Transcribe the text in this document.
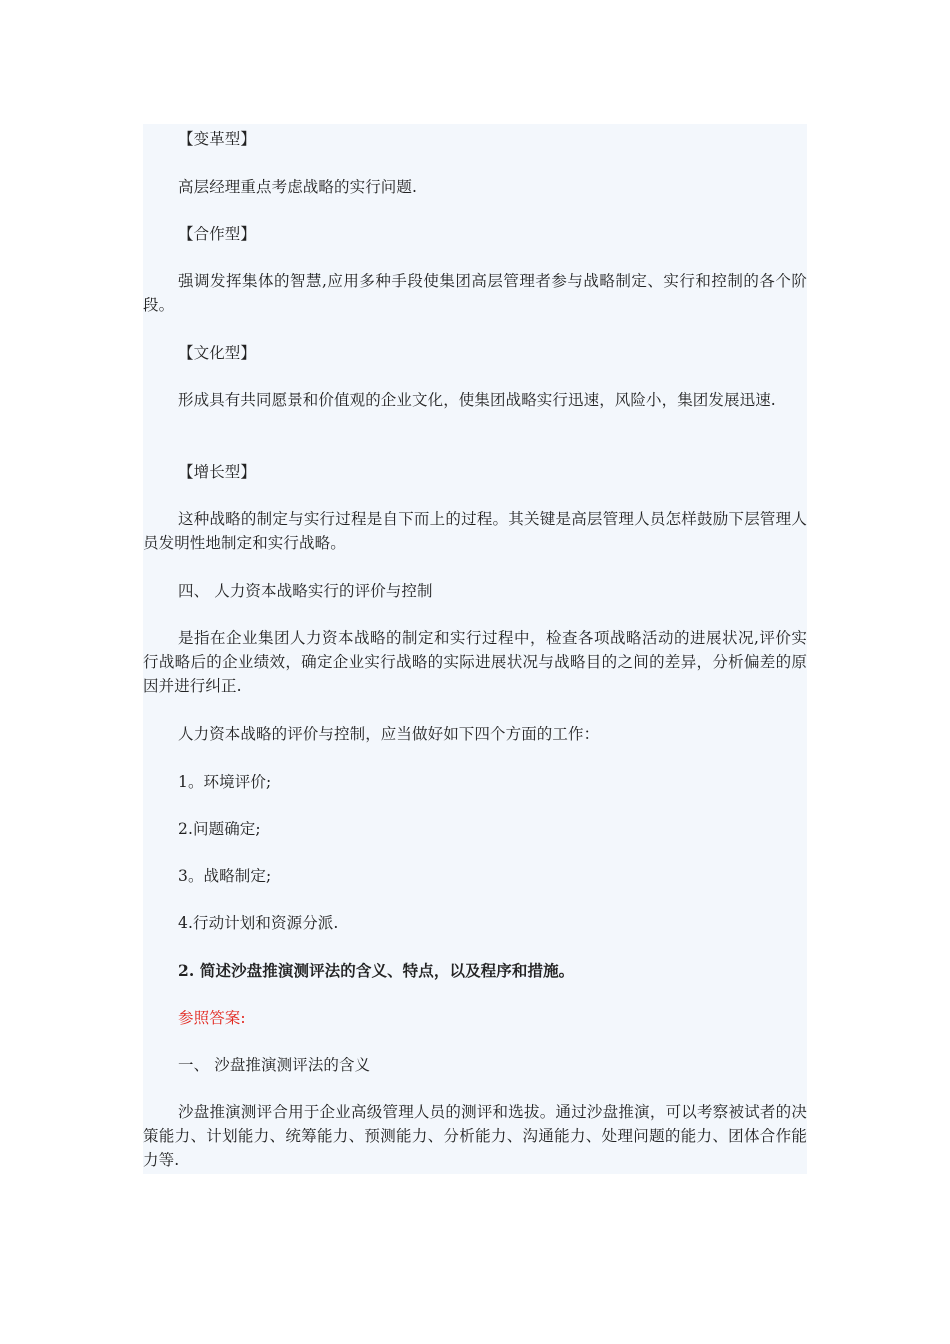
【变革型】
高层经理重点考虑战略的实行问题.
【合作型】
强调发挥集体的智慧,应用多种手段使集团高层管理者参与战略制定、实行和控制的各个阶段。
【文化型】
形成具有共同愿景和价值观的企业文化，使集团战略实行迅速，风险小，集团发展迅速.
【增长型】
这种战略的制定与实行过程是自下而上的过程。其关键是高层管理人员怎样鼓励下层管理人员发明性地制定和实行战略。
四、 人力资本战略实行的评价与控制
是指在企业集团人力资本战略的制定和实行过程中，检查各项战略活动的进展状况,评价实行战略后的企业绩效，确定企业实行战略的实际进展状况与战略目的之间的差异，分析偏差的原因并进行纠正.
人力资本战略的评价与控制，应当做好如下四个方面的工作：
1。环境评价;
2.问题确定;
3。战略制定;
4.行动计划和资源分派.
2. 简述沙盘推演测评法的含义、特点，以及程序和措施。
参照答案:
一、 沙盘推演测评法的含义
沙盘推演测评合用于企业高级管理人员的测评和选拔。通过沙盘推演，可以考察被试者的决策能力、计划能力、统筹能力、预测能力、分析能力、沟通能力、处理问题的能力、团体合作能力等.
